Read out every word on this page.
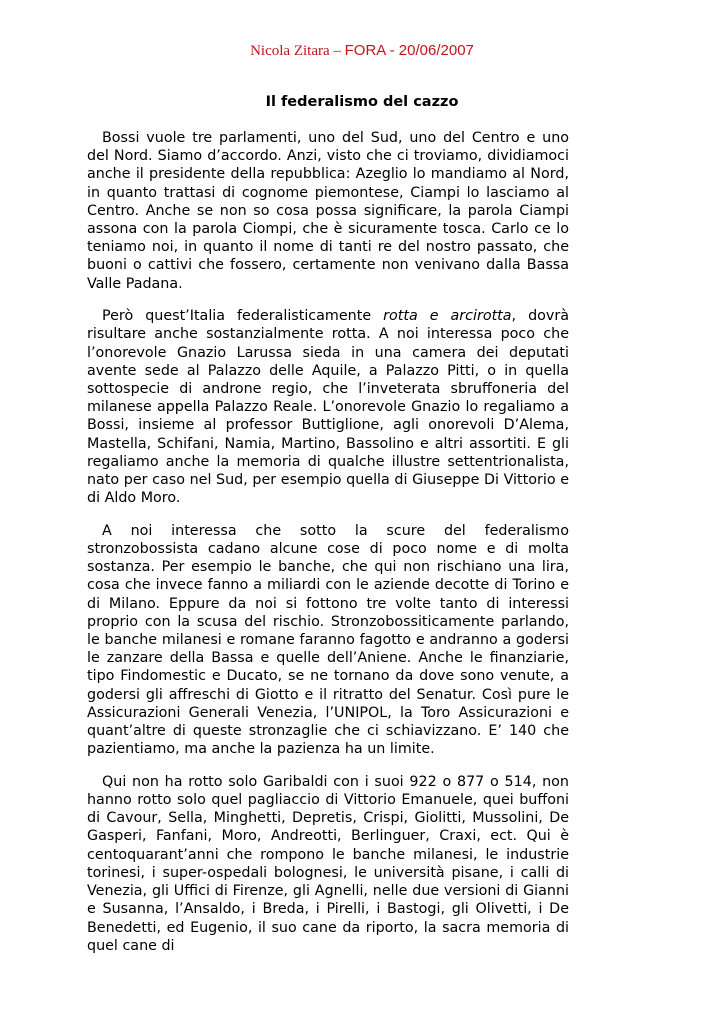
Nicola Zitara – FORA - 20/06/2007
Il federalismo del cazzo

Bossi vuole tre parlamenti, uno del Sud, uno del Centro e uno del Nord. Siamo d’accordo. Anzi, visto che ci troviamo, dividiamoci anche il presidente della repubblica: Azeglio lo mandiamo al Nord, in quanto trattasi di cognome piemontese, Ciampi lo lasciamo al Centro. Anche se non so cosa possa significare, la parola Ciampi assona con la parola Ciompi, che è sicuramente tosca. Carlo ce lo teniamo noi, in quanto il nome di tanti re del nostro passato, che buoni o cattivi che fossero, certamente non venivano dalla Bassa Valle Padana.

Però quest’Italia federalisticamente rotta e arcirotta, dovrà risultare anche sostanzialmente rotta. A noi interessa poco che l’onorevole Gnazio Larussa sieda in una camera dei deputati avente sede al Palazzo delle Aquile, a Palazzo Pitti, o in quella sottospecie di androne regio, che l’inveterata sbruffoneria del milanese appella Palazzo Reale. L’onorevole Gnazio lo regaliamo a Bossi, insieme al professor Buttiglione, agli onorevoli D’Alema, Mastella, Schifani, Namia, Martino, Bassolino e altri assortiti. E gli regaliamo anche la memoria di qualche illustre settentrionalista, nato per caso nel Sud, per esempio quella di Giuseppe Di Vittorio e di Aldo Moro.

A noi interessa che sotto la scure del federalismo stronzobossista cadano alcune cose di poco nome e di molta sostanza. Per esempio le banche, che qui non rischiano una lira, cosa che invece fanno a miliardi con le aziende decotte di Torino e di Milano. Eppure da noi si fottono tre volte tanto di interessi proprio con la scusa del rischio. Stronzobossiticamente parlando, le banche milanesi e romane faranno fagotto e andranno a godersi le zanzare della Bassa e quelle dell’Aniene. Anche le finanziarie, tipo Findomestic e Ducato, se ne tornano da dove sono venute, a godersi gli affreschi di Giotto e il ritratto del Senatur. Così pure le Assicurazioni Generali Venezia, l’UNIPOL, la Toro Assicurazioni e quant’altre di queste stronzaglie che ci schiavizzano. E’ 140 che pazientiamo, ma anche la pazienza ha un limite.

Qui non ha rotto solo Garibaldi con i suoi 922 o 877 o 514, non hanno rotto solo quel pagliaccio di Vittorio Emanuele, quei buffoni di Cavour, Sella, Minghetti, Depretis, Crispi, Giolitti, Mussolini, De Gasperi, Fanfani, Moro, Andreotti, Berlinguer, Craxi, ect. Qui è centoquarant’anni che rompono le banche milanesi, le industrie torinesi, i super-ospedali bolognesi, le università pisane, i calli di Venezia, gli Uffici di Firenze, gli Agnelli, nelle due versioni di Gianni e Susanna, l’Ansaldo, i Breda, i Pirelli, i Bastogi, gli Olivetti, i De Benedetti, ed Eugenio, il suo cane da riporto, la sacra memoria di quel cane di
